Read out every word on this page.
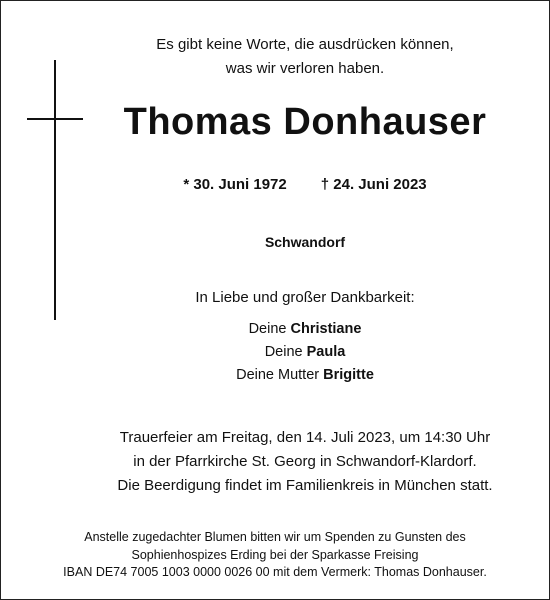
Es gibt keine Worte, die ausdrücken können,
was wir verloren haben.
Thomas Donhauser
* 30. Juni 1972 † 24. Juni 2023
Schwandorf
In Liebe und großer Dankbarkeit:
Deine Christiane
Deine Paula
Deine Mutter Brigitte
Trauerfeier am Freitag, den 14. Juli 2023, um 14:30 Uhr
in der Pfarrkirche St. Georg in Schwandorf-Klardorf.
Die Beerdigung findet im Familienkreis in München statt.
Anstelle zugedachter Blumen bitten wir um Spenden zu Gunsten des
Sophienhospizes Erding bei der Sparkasse Freising
IBAN DE74 7005 1003 0000 0026 00 mit dem Vermerk: Thomas Donhauser.
